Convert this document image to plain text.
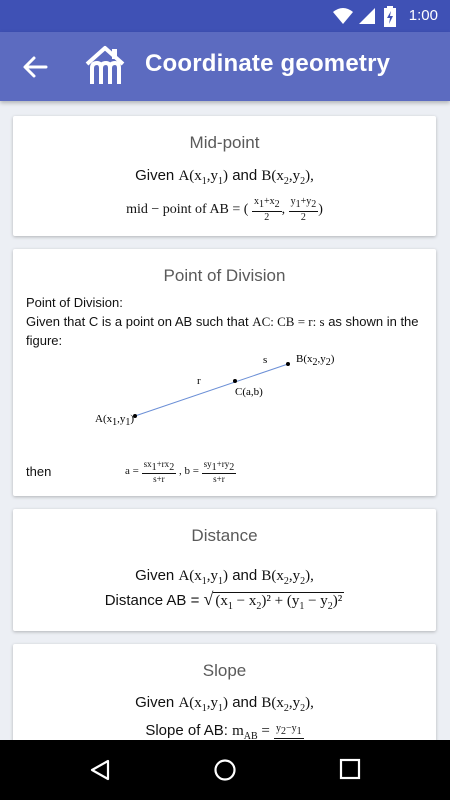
1:00
Coordinate geometry
Mid-point
Given $A(x_1,y_1)$ and $B(x_2,y_2)$,
mid − point of AB = ( $\frac{x_1+x_2}{2}$ , $\frac{y_1+y_2}{2}$ )
Point of Division
Point of Division:
Given that C is a point on AB such that AC: CB = r: s as shown in the
figure:
$B(x_2,y_2)$
$A(x_1,y_1)$
C(a,b)
r
s
then	$a = \frac{sx_1+rx_2}{s+r}$ , $b = \frac{sy_1+ry_2}{s+r}$
Distance
Given $A(x_1,y_1)$ and $B(x_2,y_2)$,
Distance AB = √ $(x_1 - x_2)^2 + (y_1 - y_2)^2$
Slope
Given $A(x_1,y_1)$ and $B(x_2,y_2)$,
Slope of AB: $m_{AB} = y_2-y_1$
